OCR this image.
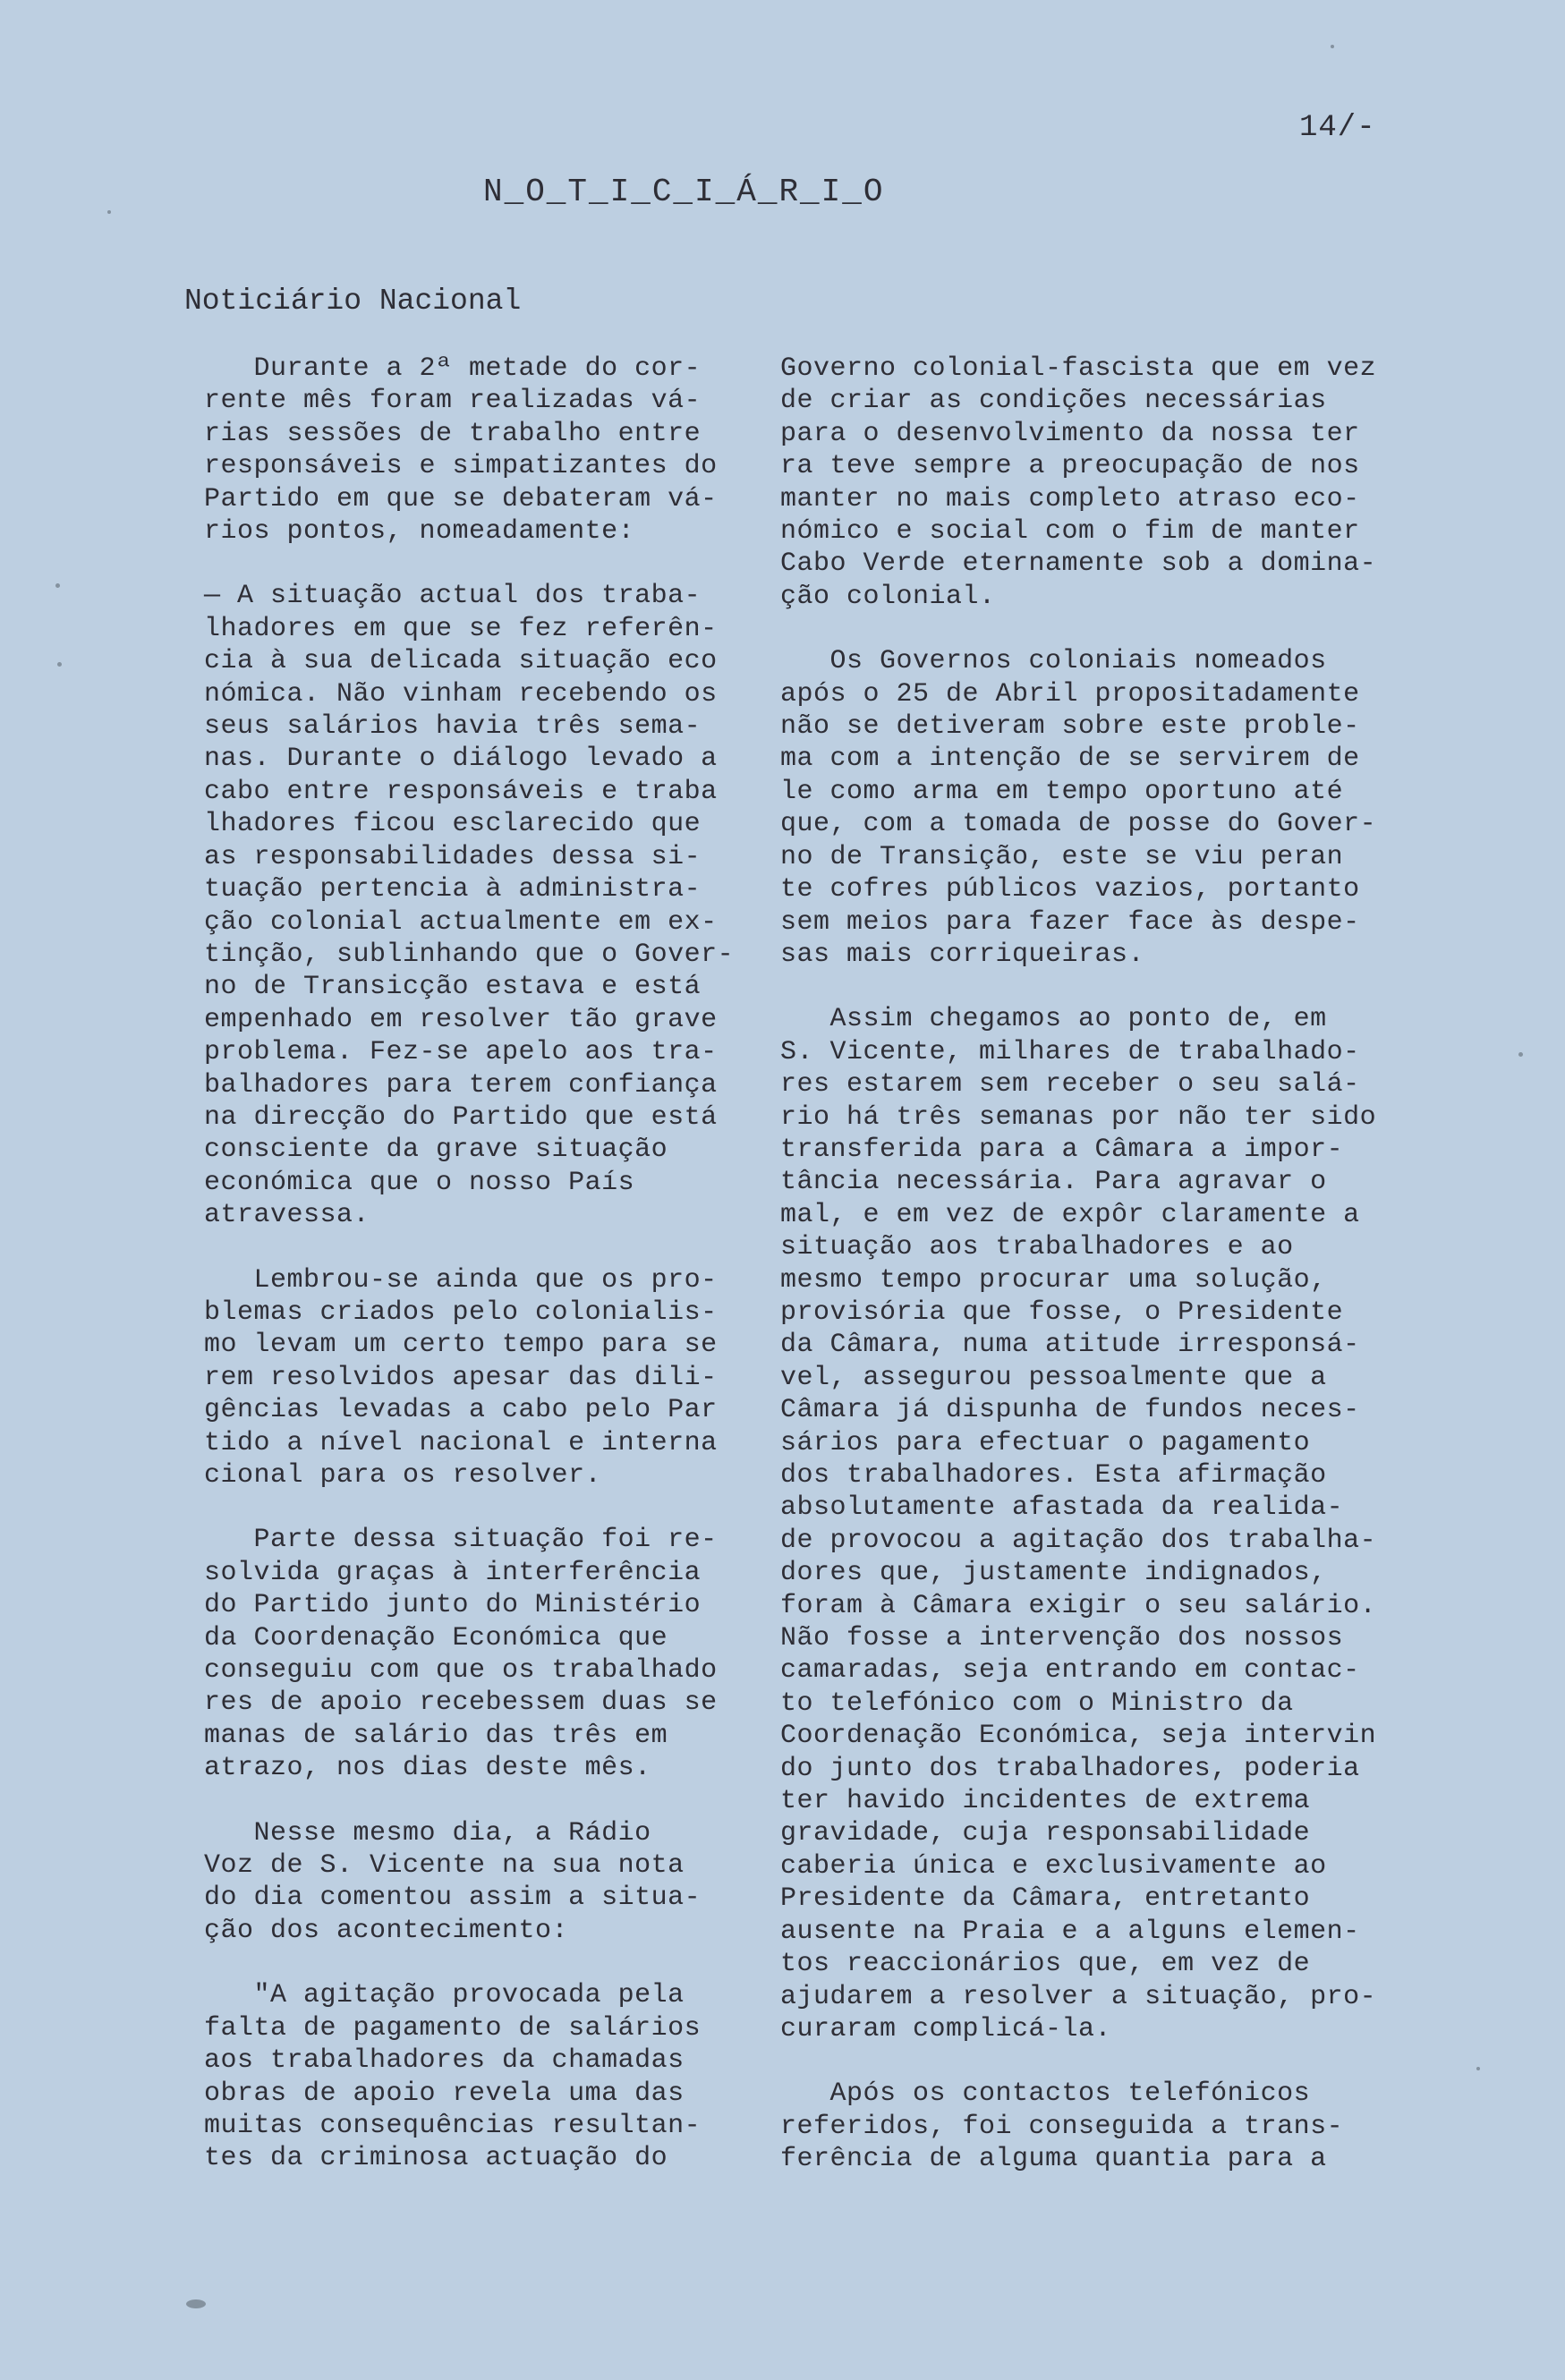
14/-
N_O_T_I_C_I_Á_R_I_O
Noticiário Nacional

Durante a 2ª metade do cor-
rente mês foram realizadas vá-
rias sessões de trabalho entre
responsáveis e simpatizantes do
Partido em que se debateram vá-
rios pontos, nomeadamente:

— A situação actual dos traba-
lhadores em que se fez referên-
cia à sua delicada situação eco
nómica. Não vinham recebendo os
seus salários havia três sema-
nas. Durante o diálogo levado a
cabo entre responsáveis e traba
lhadores ficou esclarecido que
as responsabilidades dessa si-
tuação pertencia à administra-
ção colonial actualmente em ex-
tinção, sublinhando que o Gover-
no de Transicção estava e está
empenhado em resolver tão grave
problema. Fez-se apelo aos tra-
balhadores para terem confiança
na direcção do Partido que está
consciente da grave situação
económica que o nosso País
atravessa.

Lembrou-se ainda que os pro-
blemas criados pelo colonialis-
mo levam um certo tempo para se
rem resolvidos apesar das dili-
gências levadas a cabo pelo Par
tido a nível nacional e interna
cional para os resolver.

Parte dessa situação foi re-
solvida graças à interferência
do Partido junto do Ministério
da Coordenação Económica que
conseguiu com que os trabalhado
res de apoio recebessem duas se
manas de salário das três em
atrazo, nos dias deste mês.

Nesse mesmo dia, a Rádio
Voz de S. Vicente na sua nota
do dia comentou assim a situa-
ção dos acontecimento:

"A agitação provocada pela
falta de pagamento de salários
aos trabalhadores da chamadas
obras de apoio revela uma das
muitas consequências resultan-
tes da criminosa actuação do

Governo colonial-fascista que em vez
de criar as condições necessárias
para o desenvolvimento da nossa ter
ra teve sempre a preocupação de nos
manter no mais completo atraso eco-
nómico e social com o fim de manter
Cabo Verde eternamente sob a domina-
ção colonial.

Os Governos coloniais nomeados
após o 25 de Abril propositadamente
não se detiveram sobre este proble-
ma com a intenção de se servirem de
le como arma em tempo oportuno até
que, com a tomada de posse do Gover-
no de Transição, este se viu peran
te cofres públicos vazios, portanto
sem meios para fazer face às despe-
sas mais corriqueiras.

Assim chegamos ao ponto de, em
S. Vicente, milhares de trabalhado-
res estarem sem receber o seu salá-
rio há três semanas por não ter sido
transferida para a Câmara a impor-
tância necessária. Para agravar o
mal, e em vez de expôr claramente a
situação aos trabalhadores e ao
mesmo tempo procurar uma solução,
provisória que fosse, o Presidente
da Câmara, numa atitude irresponsá-
vel, assegurou pessoalmente que a
Câmara já dispunha de fundos neces-
sários para efectuar o pagamento
dos trabalhadores. Esta afirmação
absolutamente afastada da realida-
de provocou a agitação dos trabalha-
dores que, justamente indignados,
foram à Câmara exigir o seu salário.
Não fosse a intervenção dos nossos
camaradas, seja entrando em contac-
to telefónico com o Ministro da
Coordenação Económica, seja intervin
do junto dos trabalhadores, poderia
ter havido incidentes de extrema
gravidade, cuja responsabilidade
caberia única e exclusivamente ao
Presidente da Câmara, entretanto
ausente na Praia e a alguns elemen-
tos reaccionários que, em vez de
ajudarem a resolver a situação, pro-
curaram complicá-la.

Após os contactos telefónicos
referidos, foi conseguida a trans-
ferência de alguma quantia para a
